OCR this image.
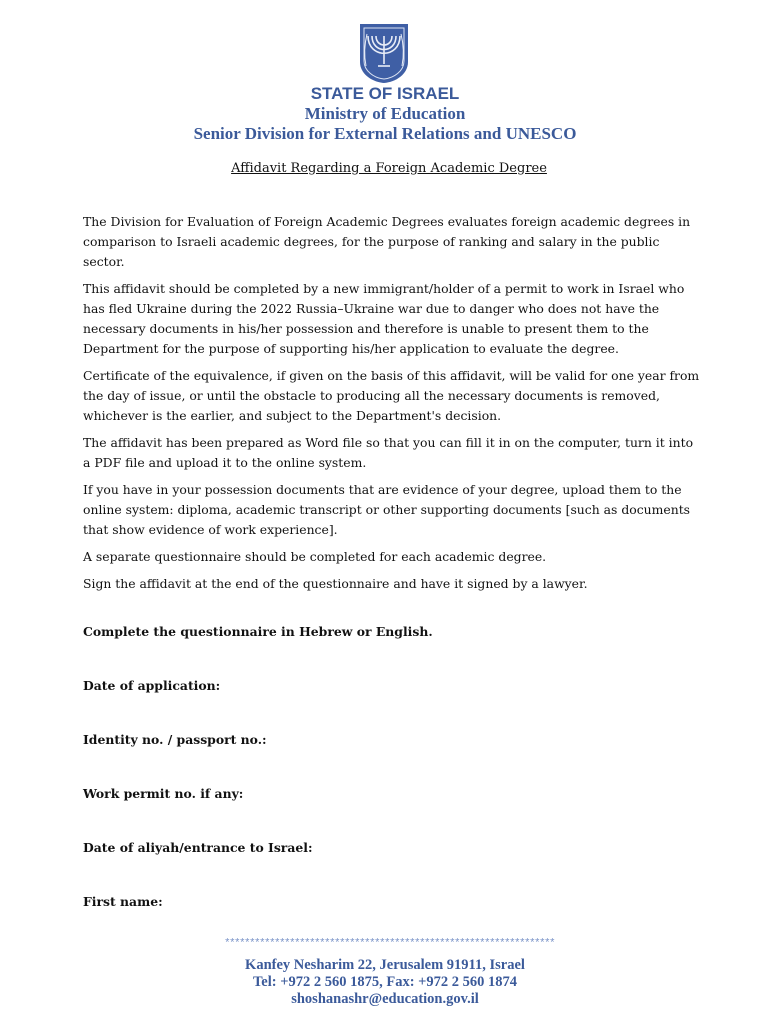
STATE OF ISRAEL
Ministry of Education
Senior Division for External Relations and UNESCO
Affidavit Regarding a Foreign Academic Degree

The Division for Evaluation of Foreign Academic Degrees evaluates foreign academic degrees in comparison to Israeli academic degrees, for the purpose of ranking and salary in the public sector.

This affidavit should be completed by a new immigrant/holder of a permit to work in Israel who has fled Ukraine during the 2022 Russia–Ukraine war due to danger who does not have the necessary documents in his/her possession and therefore is unable to present them to the Department for the purpose of supporting his/her application to evaluate the degree.

Certificate of the equivalence, if given on the basis of this affidavit, will be valid for one year from the day of issue, or until the obstacle to producing all the necessary documents is removed, whichever is the earlier, and subject to the Department's decision.

The affidavit has been prepared as Word file so that you can fill it in on the computer, turn it into a PDF file and upload it to the online system.

If you have in your possession documents that are evidence of your degree, upload them to the online system: diploma, academic transcript or other supporting documents [such as documents that show evidence of work experience].

A separate questionnaire should be completed for each academic degree.

Sign the affidavit at the end of the questionnaire and have it signed by a lawyer.

Complete the questionnaire in Hebrew or English.
Date of application:
Identity no. / passport no.:
Work permit no. if any:
Date of aliyah/entrance to Israel:
First name:
******************************************************************
Kanfey Nesharim 22, Jerusalem 91911, Israel
Tel: +972 2 560 1875, Fax: +972 2 560 1874
shoshanashr@education.gov.il
